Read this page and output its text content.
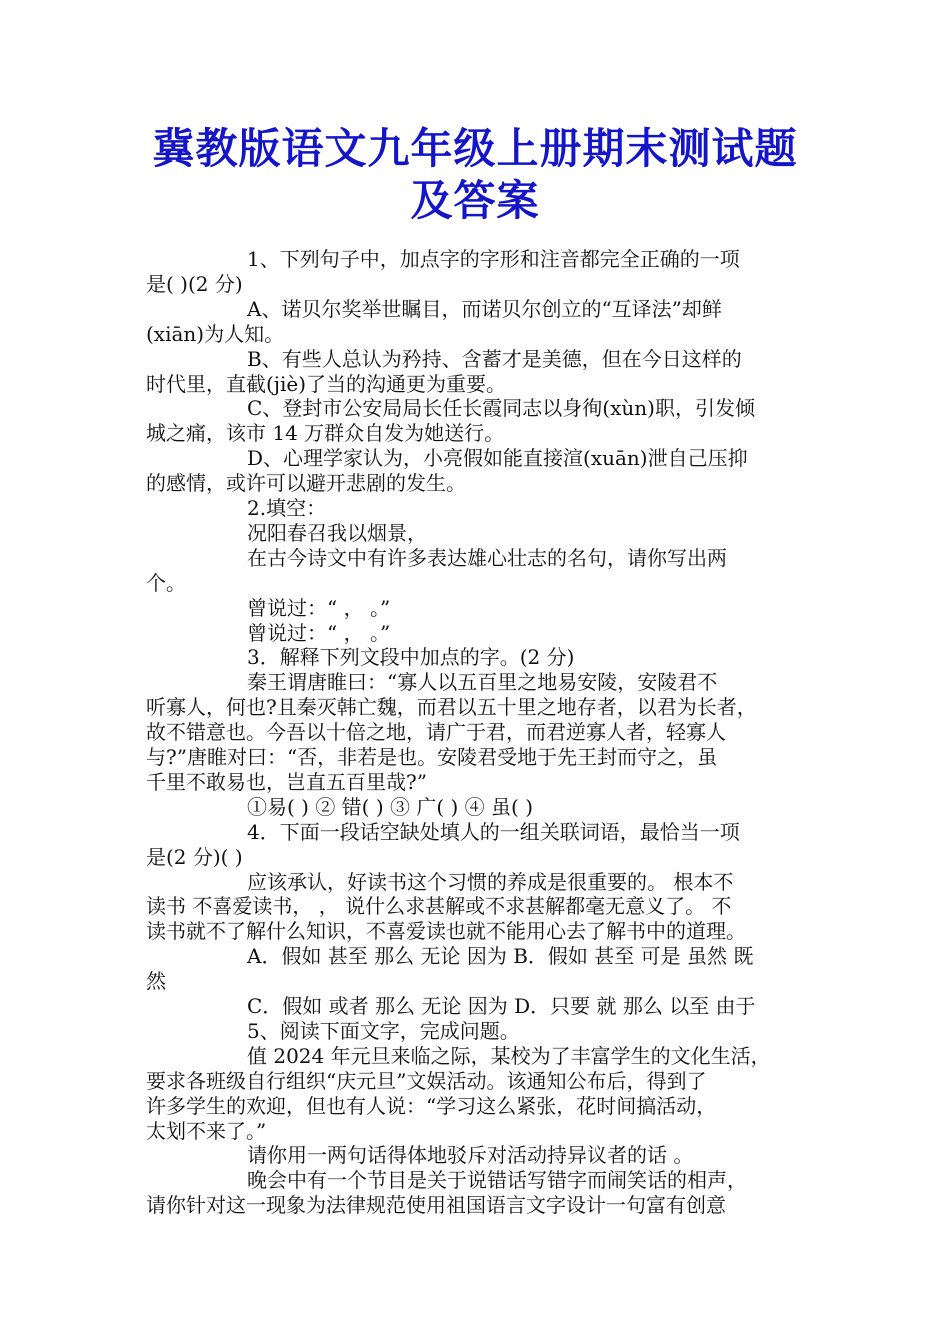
冀教版语文九年级上册期末测试题
及答案
1、下列句子中，加点字的字形和注音都完全正确的一项
是( )(2 分)
A、诺贝尔奖举世瞩目，而诺贝尔创立的“互译法”却鲜
(xiān)为人知。
B、有些人总认为矜持、含蓄才是美德，但在今日这样的
时代里，直截(jiè)了当的沟通更为重要。
C、登封市公安局局长任长霞同志以身徇(xùn)职，引发倾
城之痛，该市 14 万群众自发为她送行。
D、心理学家认为，小亮假如能直接渲(xuān)泄自己压抑
的感情，或许可以避开悲剧的发生。
2.填空：
况阳春召我以烟景，
在古今诗文中有许多表达雄心壮志的名句，请你写出两
个。
曾说过：“ ， 。”
曾说过：“ ， 。”
3．解释下列文段中加点的字。(2 分)
秦王谓唐睢曰：“寡人以五百里之地易安陵，安陵君不
听寡人，何也?且秦灭韩亡魏，而君以五十里之地存者，以君为长者，
故不错意也。今吾以十倍之地，请广于君，而君逆寡人者，轻寡人
与?”唐睢对曰：“否，非若是也。安陵君受地于先王封而守之，虽
千里不敢易也，岂直五百里哉?”
①易( ) ② 错( ) ③ 广( ) ④ 虽( )
4．下面一段话空缺处填人的一组关联词语，最恰当一项
是(2 分)( )
应该承认，好读书这个习惯的养成是很重要的。 根本不
读书 不喜爱读书， ， 说什么求甚解或不求甚解都毫无意义了。 不
读书就不了解什么知识，不喜爱读也就不能用心去了解书中的道理。
A．假如 甚至 那么 无论 因为 B．假如 甚至 可是 虽然 既
然
C．假如 或者 那么 无论 因为 D．只要 就 那么 以至 由于
5、阅读下面文字，完成问题。
值 2024 年元旦来临之际，某校为了丰富学生的文化生活，
要求各班级自行组织“庆元旦”文娱活动。该通知公布后，得到了
许多学生的欢迎，但也有人说：“学习这么紧张，花时间搞活动，
太划不来了。”
请你用一两句话得体地驳斥对活动持异议者的话 。
晚会中有一个节目是关于说错话写错字而闹笑话的相声，
请你针对这一现象为法律规范使用祖国语言文字设计一句富有创意
